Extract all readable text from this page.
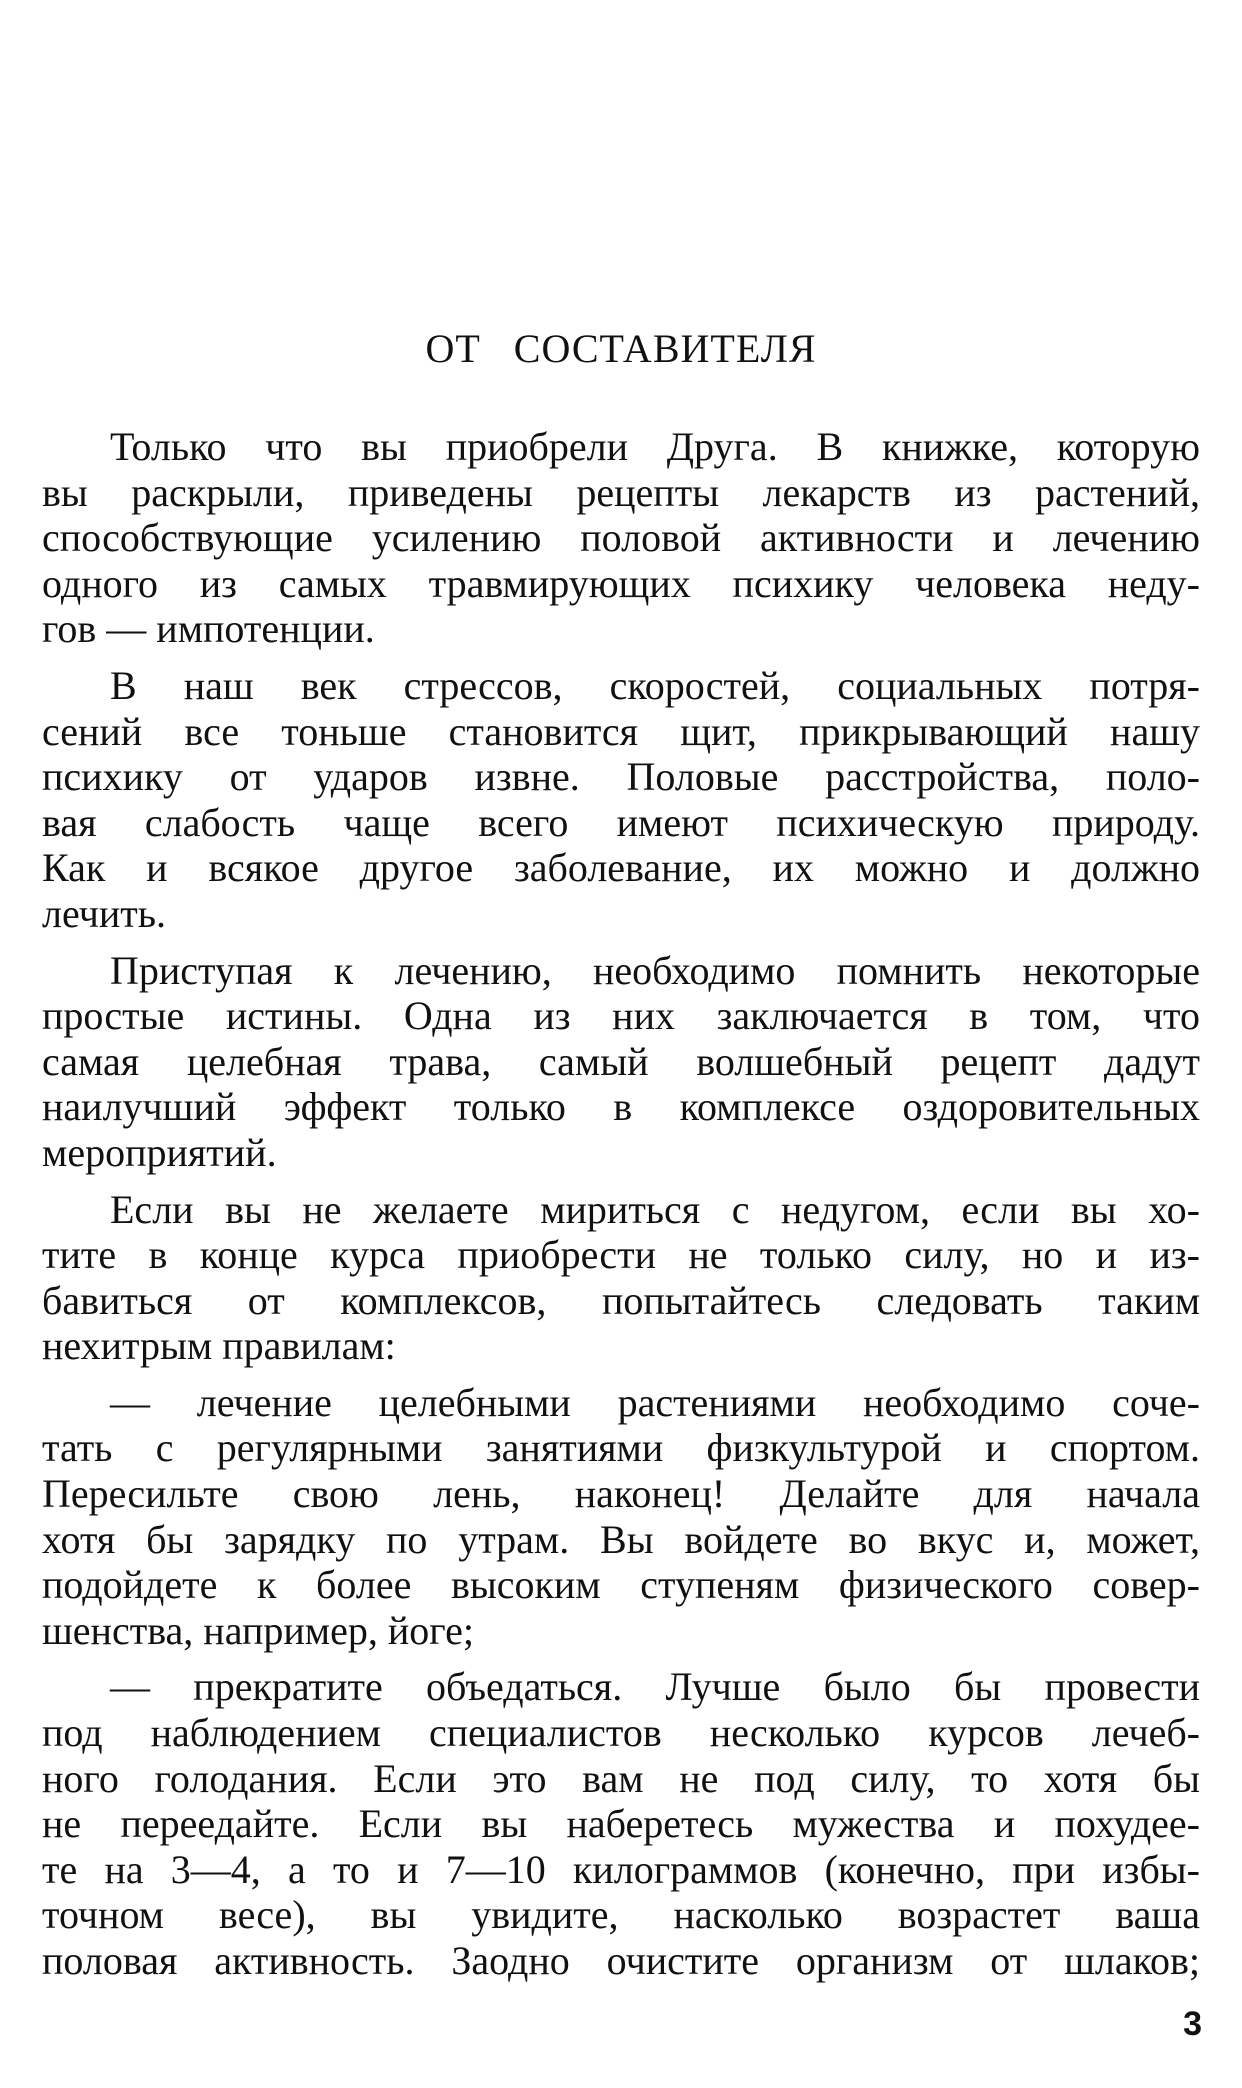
ОТ СОСТАВИТЕЛЯ
Только что вы приобрели Друга. В книжке, которую
вы раскрыли, приведены рецепты лекарств из растений,
способствующие усилению половой активности и лечению
одного из самых травмирующих психику человека неду-
гов — импотенции.
В наш век стрессов, скоростей, социальных потря-
сений все тоньше становится щит, прикрывающий нашу
психику от ударов извне. Половые расстройства, поло-
вая слабость чаще всего имеют психическую природу.
Как и всякое другое заболевание, их можно и должно
лечить.
Приступая к лечению, необходимо помнить некоторые
простые истины. Одна из них заключается в том, что
самая целебная трава, самый волшебный рецепт дадут
наилучший эффект только в комплексе оздоровительных
мероприятий.
Если вы не желаете мириться с недугом, если вы хо-
тите в конце курса приобрести не только силу, но и из-
бавиться от комплексов, попытайтесь следовать таким
нехитрым правилам:
— лечение целебными растениями необходимо соче-
тать с регулярными занятиями физкультурой и спортом.
Пересильте свою лень, наконец! Делайте для начала
хотя бы зарядку по утрам. Вы войдете во вкус и, может,
подойдете к более высоким ступеням физического совер-
шенства, например, йоге;
— прекратите объедаться. Лучше было бы провести
под наблюдением специалистов несколько курсов лечеб-
ного голодания. Если это вам не под силу, то хотя бы
не переедайте. Если вы наберетесь мужества и похудее-
те на 3—4, а то и 7—10 килограммов (конечно, при избы-
точном весе), вы увидите, насколько возрастет ваша
половая активность. Заодно очистите организм от шлаков;
3
